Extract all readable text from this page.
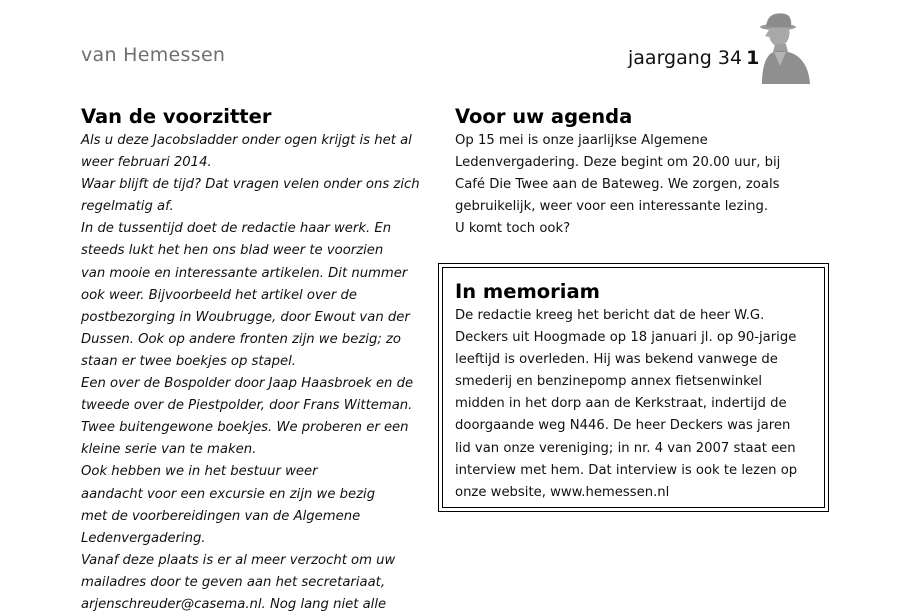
van Hemessen	jaargang 34 1
Van de voorzitter
Als u deze Jacobsladder onder ogen krijgt is het al
weer februari 2014.
Waar blijft de tijd? Dat vragen velen onder ons zich
regelmatig af.
In de tussentijd doet de redactie haar werk. En
steeds lukt het hen ons blad weer te voorzien
van mooie en interessante artikelen. Dit nummer
ook weer. Bijvoorbeeld het artikel over de
postbezorging in Woubrugge, door Ewout van der
Dussen. Ook op andere fronten zijn we bezig; zo
staan er twee boekjes op stapel.
Een over de Bospolder door Jaap Haasbroek en de
tweede over de Piestpolder, door Frans Witteman.
Twee buitengewone boekjes. We proberen er een
kleine serie van te maken.
Ook hebben we in het bestuur weer
aandacht voor een excursie en zijn we bezig
met de voorbereidingen van de Algemene
Ledenvergadering.
Vanaf deze plaats is er al meer verzocht om uw
mailadres door te geven aan het secretariaat,
arjenschreuder@casema.nl. Nog lang niet alle
Voor uw agenda
Op 15 mei is onze jaarlijkse Algemene
Ledenvergadering. Deze begint om 20.00 uur, bij
Café Die Twee aan de Bateweg. We zorgen, zoals
gebruikelijk, weer voor een interessante lezing.
U komt toch ook?
In memoriam
De redactie kreeg het bericht dat de heer W.G.
Deckers uit Hoogmade op 18 januari jl. op 90-jarige
leeftijd is overleden. Hij was bekend vanwege de
smederij en benzinepomp annex fietsenwinkel
midden in het dorp aan de Kerkstraat, indertijd de
doorgaande weg N446. De heer Deckers was jaren
lid van onze vereniging; in nr. 4 van 2007 staat een
interview met hem. Dat interview is ook te lezen op
onze website, www.hemessen.nl
